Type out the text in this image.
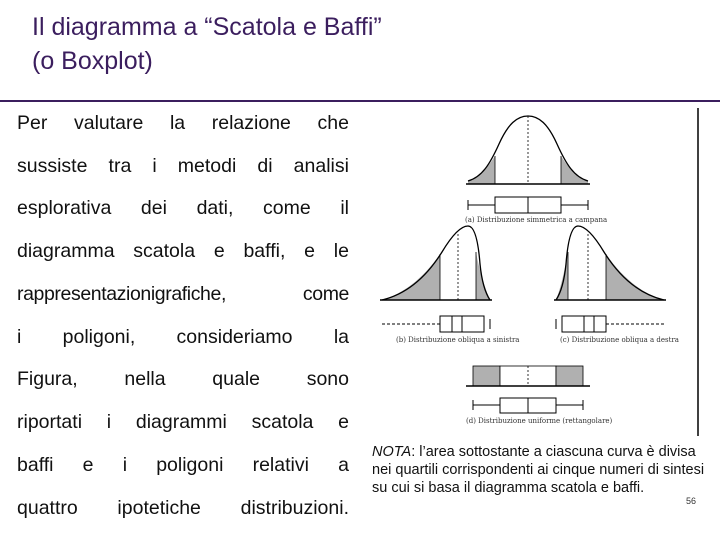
Il diagramma a “Scatola e Baffi”
(o Boxplot)
Per valutare la relazione che
sussiste tra i metodi di analisi
esplorativa dei dati, come il
diagramma scatola e baffi, e le
rappresentazionigrafiche,	come
i poligoni, consideriamo la
Figura, nella quale sono
riportati i diagrammi scatola e
baffi e i poligoni relativi a
quattro ipotetiche distribuzioni.
(a) Distribuzione simmetrica a campana
(b) Distribuzione obliqua a sinistra	(c) Distribuzione obliqua a destra
(d) Distribuzione uniforme (rettangolare)
NOTA: l’area sottostante a ciascuna curva è divisa nei quartili corrispondenti ai cinque numeri di sintesi su cui si basa il diagramma scatola e baffi.
56
